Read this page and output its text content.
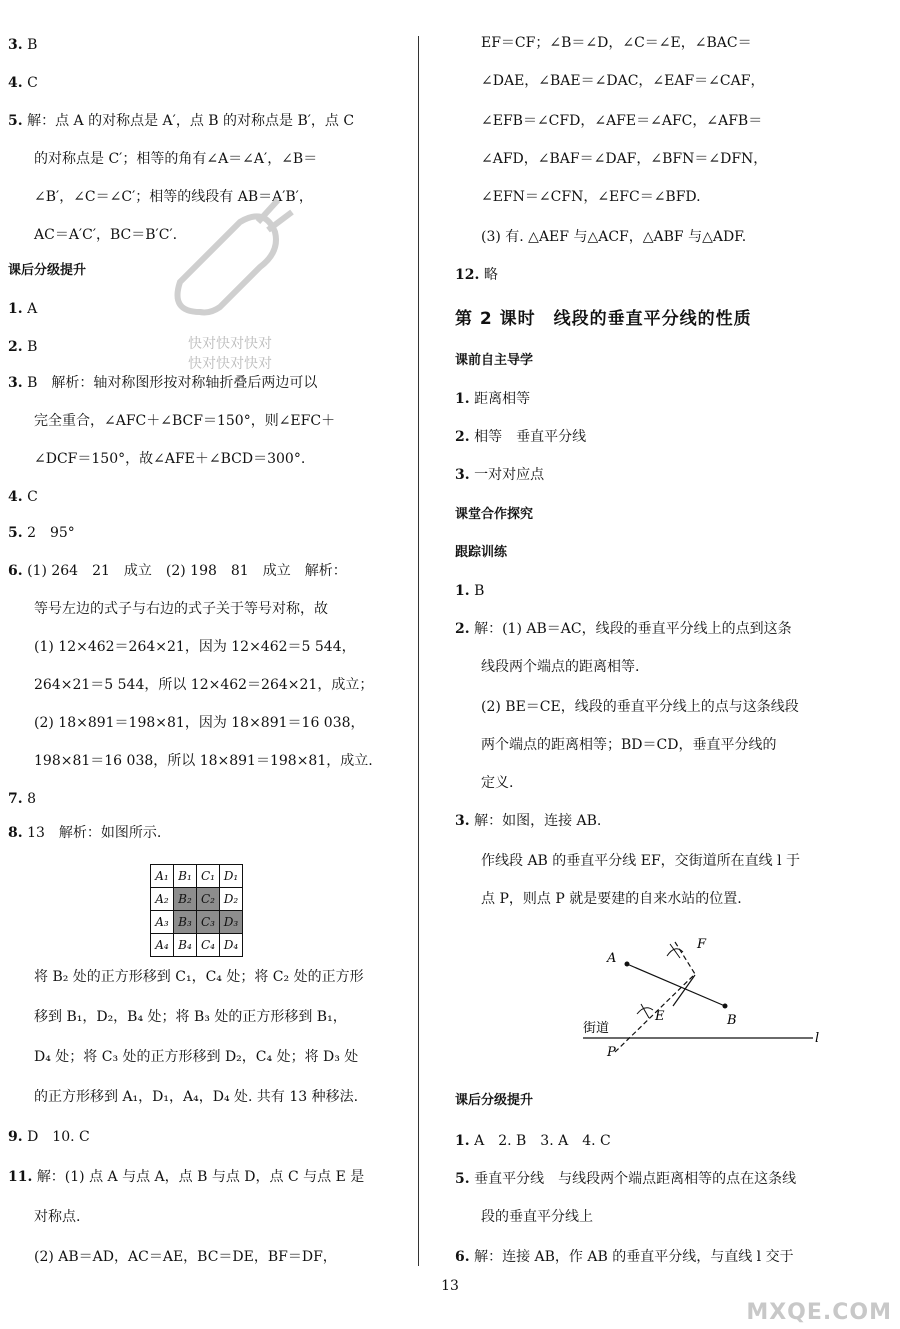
3. B
4. C
5. 解：点 A 的对称点是 A′，点 B 的对称点是 B′，点 C
的对称点是 C′；相等的角有∠A＝∠A′，∠B＝
∠B′，∠C＝∠C′；相等的线段有 AB＝A′B′，
AC＝A′C′，BC＝B′C′.
课后分级提升
1. A
2. B
3. B　解析：轴对称图形按对称轴折叠后两边可以
完全重合，∠AFC＋∠BCF＝150°，则∠EFC＋
∠DCF＝150°，故∠AFE＋∠BCD＝300°.
4. C
5. 2　95°
6. (1) 264　21　成立　(2) 198　81　成立　解析：
等号左边的式子与右边的式子关于等号对称，故
(1) 12×462＝264×21，因为 12×462＝5 544，
264×21＝5 544，所以 12×462＝264×21，成立；
(2) 18×891＝198×81，因为 18×891＝16 038，
198×81＝16 038，所以 18×891＝198×81，成立.
7. 8
8. 13　解析：如图所示.
将 B₂ 处的正方形移到 C₁，C₄ 处；将 C₂ 处的正方形
移到 B₁，D₂，B₄ 处；将 B₃ 处的正方形移到 B₁，
D₄ 处；将 C₃ 处的正方形移到 D₂，C₄ 处；将 D₃ 处
的正方形移到 A₁，D₁，A₄，D₄ 处. 共有 13 种移法.
9. D　10. C
11. 解：(1) 点 A 与点 A，点 B 与点 D，点 C 与点 E 是
对称点.
(2) AB＝AD，AC＝AE，BC＝DE，BF＝DF，
A₁	B₁	C₁	D₁
A₂	B₂	C₂	D₂
A₃	B₃	C₃	D₃
A₄	B₄	C₄	D₄
第 2 课时　线段的垂直平分线的性质
A
B
E
F
P
l
街道
EF＝CF；∠B＝∠D，∠C＝∠E，∠BAC＝
∠DAE，∠BAE＝∠DAC，∠EAF＝∠CAF，
∠EFB＝∠CFD，∠AFE＝∠AFC，∠AFB＝
∠AFD，∠BAF＝∠DAF，∠BFN＝∠DFN，
∠EFN＝∠CFN，∠EFC＝∠BFD.
(3) 有. △AEF 与△ACF，△ABF 与△ADF.
12. 略
课前自主导学
1. 距离相等
2. 相等　垂直平分线
3. 一对对应点
课堂合作探究
跟踪训练
1. B
2. 解：(1) AB＝AC，线段的垂直平分线上的点到这条
线段两个端点的距离相等.
(2) BE＝CE，线段的垂直平分线上的点与这条线段
两个端点的距离相等；BD＝CD，垂直平分线的
定义.
3. 解：如图，连接 AB.
作线段 AB 的垂直平分线 EF，交街道所在直线 l 于
点 P，则点 P 就是要建的自来水站的位置.
课后分级提升
1. A　2. B　3. A　4. C
5. 垂直平分线　与线段两个端点距离相等的点在这条线
段的垂直平分线上
6. 解：连接 AB，作 AB 的垂直平分线，与直线 l 交于
快对快对快对
快对快对快对
13
MXQE.COM
